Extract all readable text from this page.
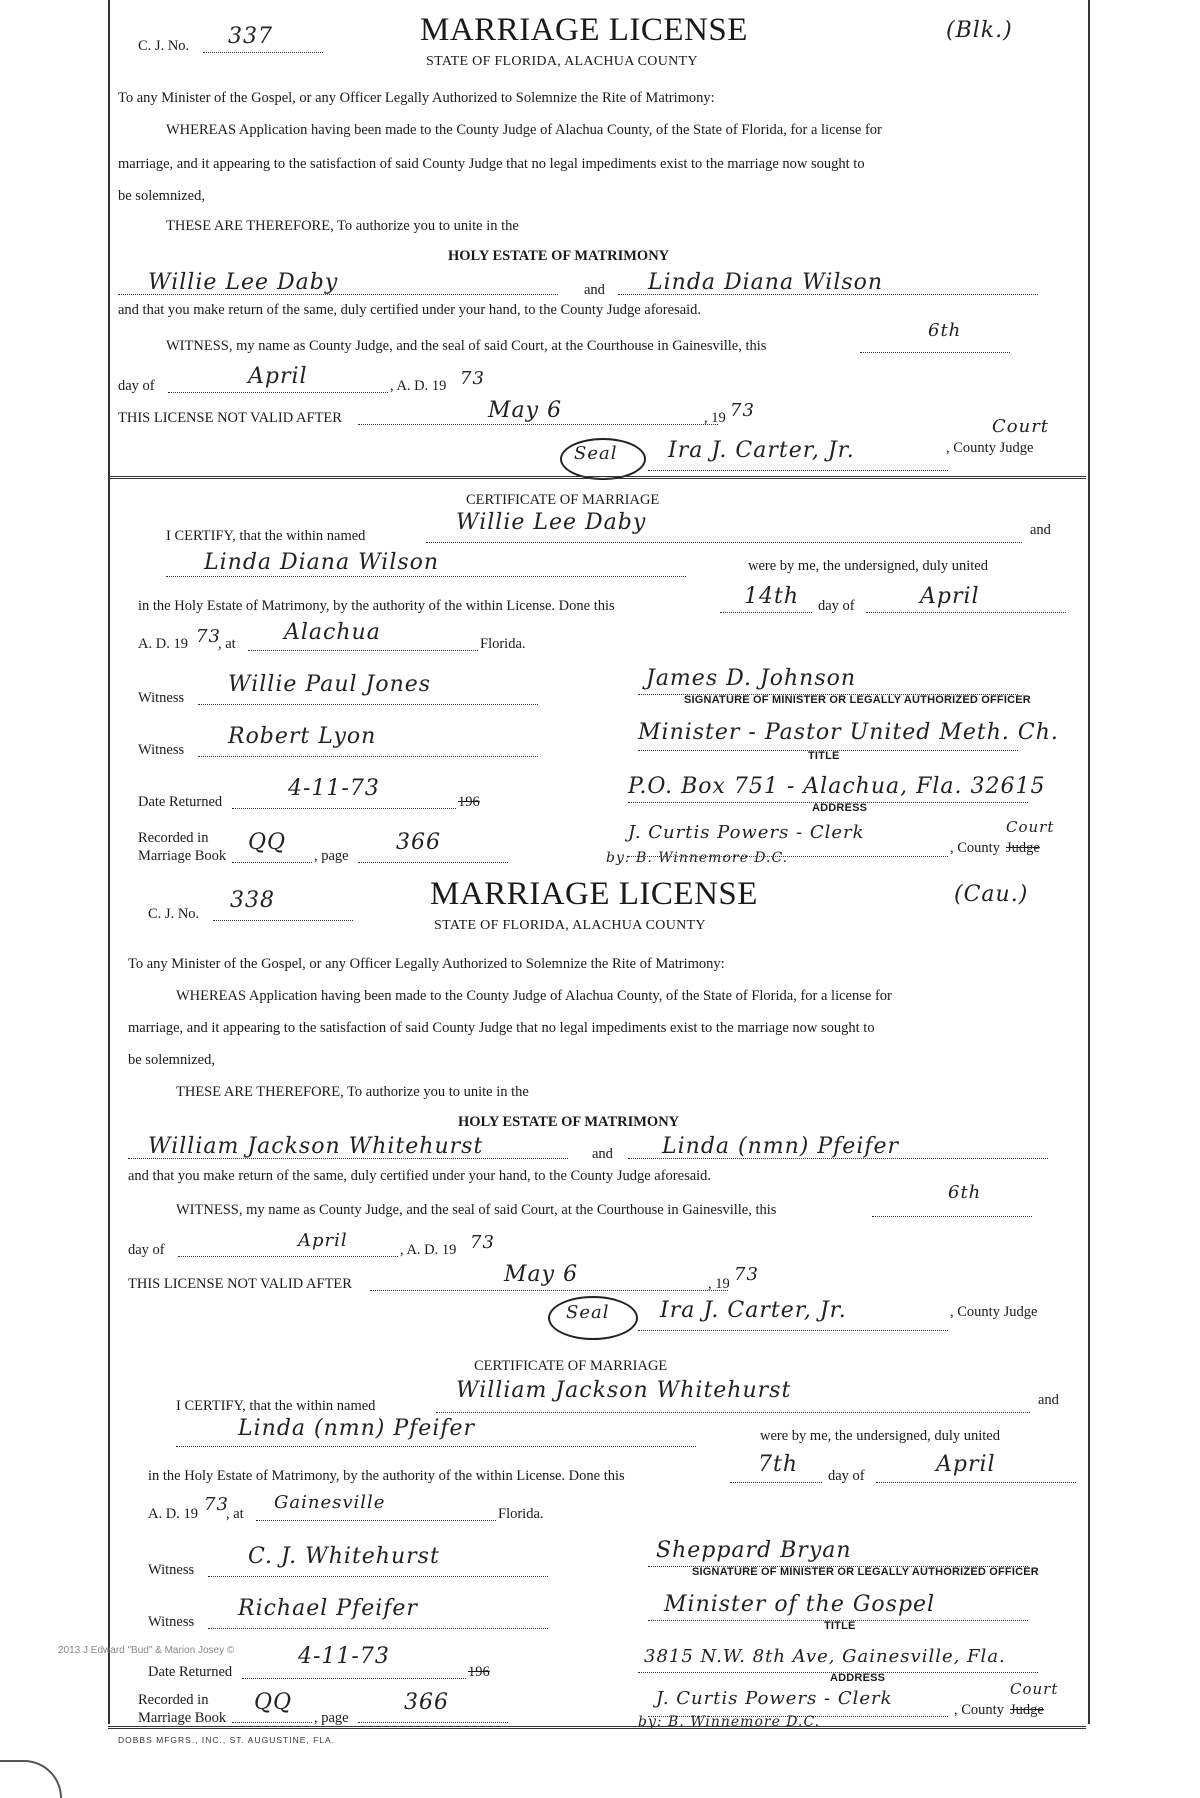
C. J. No. 337	MARRIAGE LICENSE
STATE OF FLORIDA, ALACHUA COUNTY
(Blk.)
To any Minister of the Gospel, or any Officer Legally Authorized to Solemnize the Rite of Matrimony:
WHEREAS Application having been made to the County Judge of Alachua County, of the State of Florida, for a license for
marriage, and it appearing to the satisfaction of said County Judge that no legal impediments exist to the marriage now sought to
be solemnized,
THESE ARE THEREFORE, To authorize you to unite in the
HOLY ESTATE OF MATRIMONY
Willie Lee Daby	and Linda Diana Wilson
and that you make return of the same, duly certified under your hand, to the County Judge aforesaid.
WITNESS, my name as County Judge, and the seal of said Court, at the Courthouse in Gainesville, this
6th
day of	April	, A. D. 19 73
THIS LICENSE NOT VALID AFTER	May 6	, 19 73
Seal Ira J. Carter, Jr.	, County Judge
Court
CERTIFICATE OF MARRIAGE
I CERTIFY, that the within named
Willie Lee Daby	and
Linda Diana Wilson	were by me, the undersigned, duly united
in the Holy Estate of Matrimony, by the authority of the within License. Done this	14th day of	April
A. D. 19 73
, at Alachua	Florida.
Witness
Willie Paul Jones	James D. Johnson
SIGNATURE OF MINISTER OR LEGALLY AUTHORIZED OFFICER
Witness
Robert Lyon	Minister - Pastor United Meth. Ch.
TITLE
Date Returned
4-11-73
196
P.O. Box 751 - Alachua, Fla. 32615
ADDRESS
Recorded in
Marriage Book
QQ
, page
366	J. Curtis Powers - Clerk
by: B. Winnemore D.C.
, County Judge
Court
C. J. No.
338	MARRIAGE LICENSE
STATE OF FLORIDA, ALACHUA COUNTY
(Cau.)
To any Minister of the Gospel, or any Officer Legally Authorized to Solemnize the Rite of Matrimony:
WHEREAS Application having been made to the County Judge of Alachua County, of the State of Florida, for a license for
marriage, and it appearing to the satisfaction of said County Judge that no legal impediments exist to the marriage now sought to
be solemnized,
THESE ARE THEREFORE, To authorize you to unite in the
HOLY ESTATE OF MATRIMONY
William Jackson Whitehurst	and Linda (nmn) Pfeifer
and that you make return of the same, duly certified under your hand, to the County Judge aforesaid.
WITNESS, my name as County Judge, and the seal of said Court, at the Courthouse in Gainesville, this
6th
day of	April	, A. D. 19 73
THIS LICENSE NOT VALID AFTER	May 6	, 19 73
Seal Ira J. Carter, Jr.	, County Judge
CERTIFICATE OF MARRIAGE
I CERTIFY, that the within named
William Jackson Whitehurst	and
Linda (nmn) Pfeifer	were by me, the undersigned, duly united
in the Holy Estate of Matrimony, by the authority of the within License. Done this	7th day of	April
A. D. 19 73
, at
Gainesville
Florida.
Witness
C. J. Whitehurst	Sheppard Bryan
SIGNATURE OF MINISTER OR LEGALLY AUTHORIZED OFFICER
Witness
Richael Pfeifer	Minister of the Gospel
TITLE
Date Returned
4-11-73
196
3815 N.W. 8th Ave, Gainesville, Fla.
ADDRESS
Recorded in
Marriage Book
QQ
, page
366	J. Curtis Powers - Clerk
by: B. Winnemore D.C.
, County Judge
Court
DOBBS MFGRS., INC., ST. AUGUSTINE, FLA.
2013 J Edward "Bud" & Marion Josey ©
